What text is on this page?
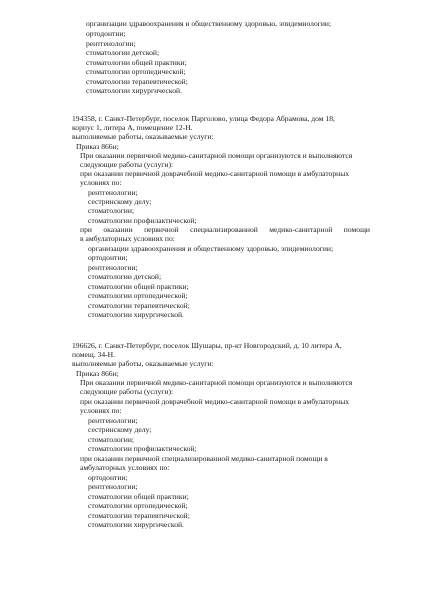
организации здравоохранения и общественному здоровью, эпидемиологии;
ортодонтии;
рентгенологии;
стоматологии детской;
стоматологии общей практики;
стоматологии ортопедической;
стоматологии терапевтической;
стоматологии хирургической.
194358, г. Санкт-Петербург, поселок Парголово, улица Федора Абрамова, дом 18,
корпус 1, литера А, помещение 12-Н.
выполняемые работы, оказываемые услуги:
Приказ 866н;
При оказании первичной медико-санитарной помощи организуются и выполняются
следующие работы (услуги):
при оказании первичной доврачебной медико-санитарной помощи в амбулаторных
условиях по:
рентгенологии;
сестринскому делу;
стоматологии;
стоматологии профилактической;
при оказании первичной специализированной медико-санитарной помощи
в амбулаторных условиях по:
организации здравоохранения и общественному здоровью, эпидемиологии;
ортодонтии;
рентгенологии;
стоматологии детской;
стоматологии общей практики;
стоматологии ортопедической;
стоматологии терапевтической;
стоматологии хирургической.
196626, г. Санкт-Петербург, поселок Шушары, пр-кт Новгородский, д. 10 литера А,
помещ. 34-Н.
выполняемые работы, оказываемые услуги:
Приказ 866н;
При оказании первичной медико-санитарной помощи организуются и выполняются
следующие работы (услуги):
при оказании первичной доврачебной медико-санитарной помощи в амбулаторных
условиях по:
рентгенологии;
сестринскому делу;
стоматологии;
стоматологии профилактической;
при оказании первичной специализированной медико-санитарной помощи в
амбулаторных условиях по:
ортодонтии;
рентгенологии;
стоматологии общей практики;
стоматологии ортопедической;
стоматологии терапевтической;
стоматологии хирургической.
